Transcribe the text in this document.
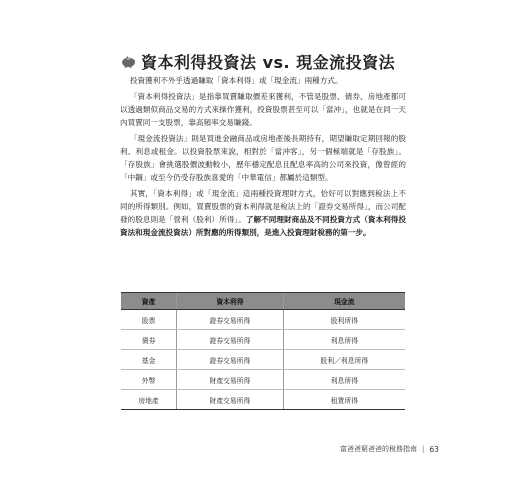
資本利得投資法 vs. 現金流投資法

投資獲利不外乎透過賺取「資本利得」或「現金流」兩種方式。

「資本利得投資法」是指靠買賣賺取價差來獲利，不管是股票、債券、房地產都可以透過類似商品交易的方式來操作獲利，投資股票甚至可以「當沖」，也就是在同一天內買賣同一支股票，靠高頻率交易賺錢。

「現金流投資法」則是買進金融商品或房地產後長期持有，期望賺取定期回報的股利、利息或租金。以投資股票來說，相對於「當沖客」，另一個極端就是「存股族」。「存股族」會挑選股價波動較小，歷年穩定配息且配息率高的公司來投資，像曾經的「中鋼」或至今仍受存股族喜愛的「中華電信」都屬於這類型。

其實，「資本利得」或「現金流」這兩種投資理財方式，恰好可以對應到稅法上不同的所得類別。例如，買賣股票的資本利得就是稅法上的「證券交易所得」，而公司配發的股息則是「營利（股利）所得」。了解不同理財商品及不同投資方式（資本利得投資法和現金流投資法）所對應的所得類別，是進入投資理財稅務的第一步。

資產	資本利得	現金流
股票	證券交易所得	股利所得
債券	證券交易所得	利息所得
基金	證券交易所得	股利／利息所得
外幣	財產交易所得	利息所得
房地產	財產交易所得	租賃所得
富爸爸窮爸爸的稅務指南 | 63
